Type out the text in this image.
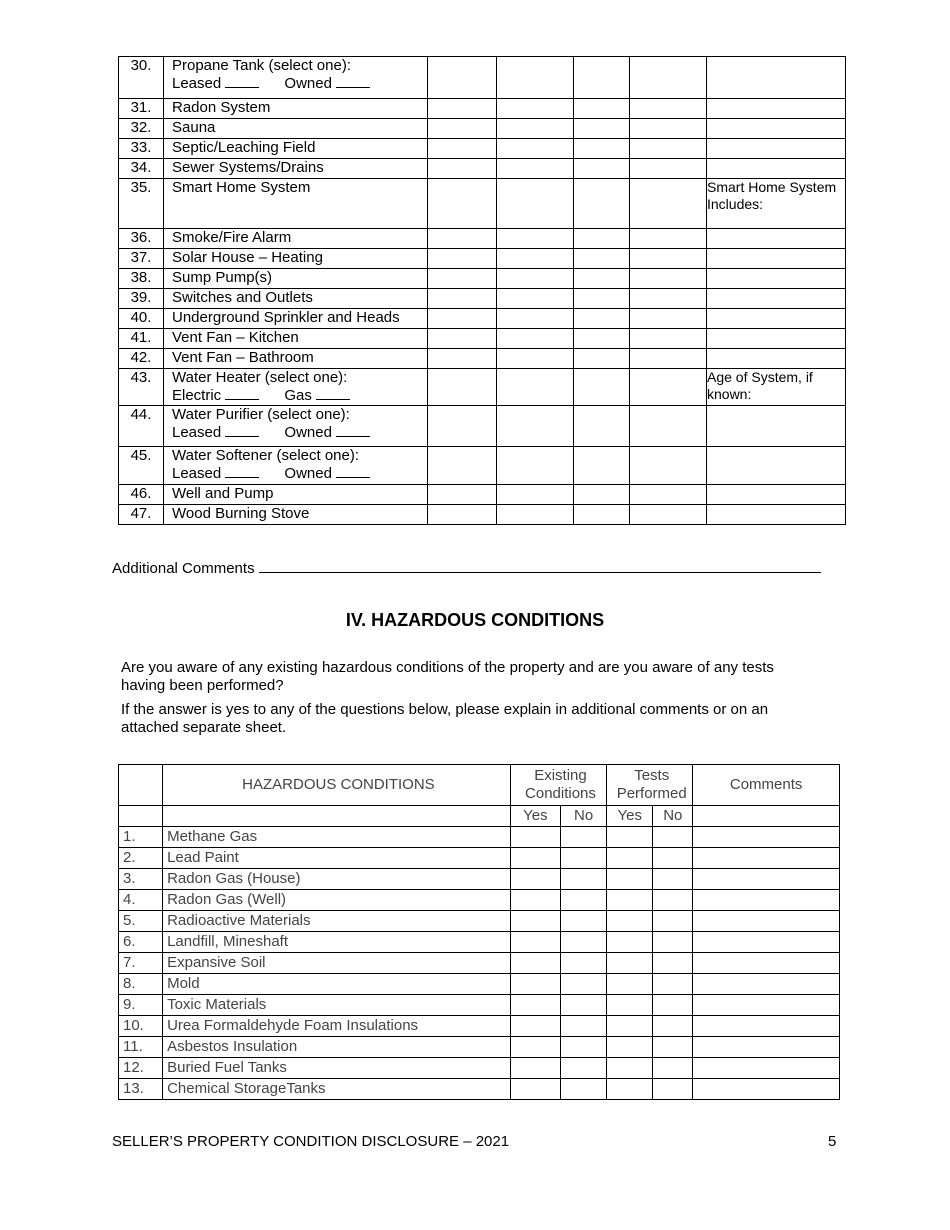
30.	Propane Tank (select one):
Leased Owned					

31.	Radon System					

32.	Sauna					

33.	Septic/Leaching Field					

34.	Sewer Systems/Drains					

35.	Smart Home System					Smart Home System Includes:
36.	Smoke/Fire Alarm					

37.	Solar House – Heating					

38.	Sump Pump(s)					

39.	Switches and Outlets					

40.	Underground Sprinkler and Heads					

41.	Vent Fan – Kitchen					

42.	Vent Fan – Bathroom					

43.	Water Heater (select one):
Electric Gas					Age of System, if known:
44.	Water Purifier (select one):
Leased Owned					

45.	Water Softener (select one):
Leased Owned					

46.	Well and Pump					

47.	Wood Burning Stove					

Additional Comments
IV. HAZARDOUS CONDITIONS
Are you aware of any existing hazardous conditions of the property and are you aware of any tests having been performed?
If the answer is yes to any of the questions below, please explain in additional comments or on an attached separate sheet.
	HAZARDOUS CONDITIONS	Existing Conditions		Tests Performed		Comments
		Yes	No	Yes	No	
1.	Methane Gas					
2.	Lead Paint					
3.	Radon Gas (House)					
4.	Radon Gas (Well)					
5.	Radioactive Materials					
6.	Landfill, Mineshaft					
7.	Expansive Soil					
8.	Mold					
9.	Toxic Materials					
10.	Urea Formaldehyde Foam Insulations					
11.	Asbestos Insulation					
12.	Buried Fuel Tanks					
13.	Chemical StorageTanks					
SELLER’S PROPERTY CONDITION DISCLOSURE – 2021	5
